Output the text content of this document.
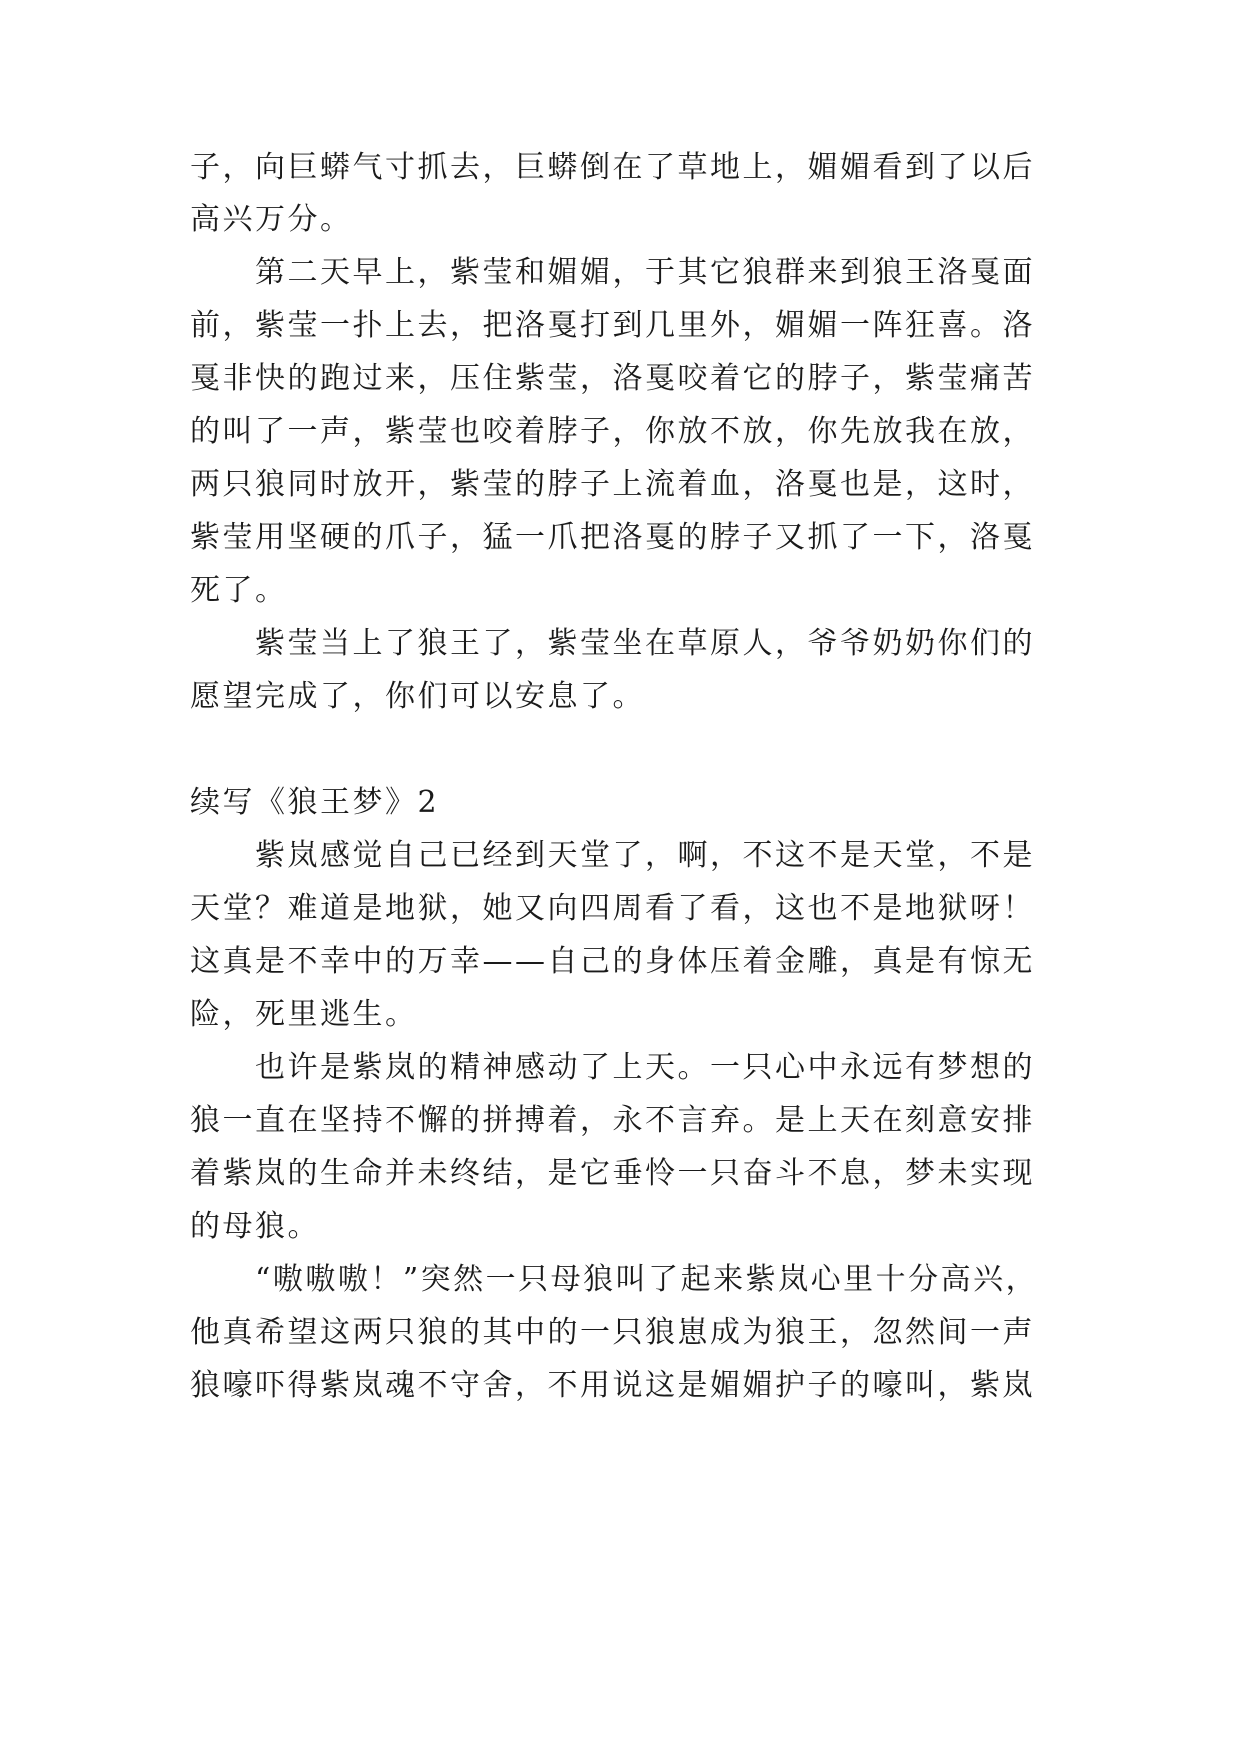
子，向巨蟒气寸抓去，巨蟒倒在了草地上，媚媚看到了以后
高兴万分。
第二天早上，紫莹和媚媚，于其它狼群来到狼王洛戛面
前，紫莹一扑上去，把洛戛打到几里外，媚媚一阵狂喜。洛
戛非快的跑过来，压住紫莹，洛戛咬着它的脖子，紫莹痛苦
的叫了一声，紫莹也咬着脖子，你放不放，你先放我在放，
两只狼同时放开，紫莹的脖子上流着血，洛戛也是，这时，
紫莹用坚硬的爪子，猛一爪把洛戛的脖子又抓了一下，洛戛
死了。
紫莹当上了狼王了，紫莹坐在草原人，爷爷奶奶你们的
愿望完成了，你们可以安息了。
续写《狼王梦》2
紫岚感觉自己已经到天堂了，啊，不这不是天堂，不是
天堂？难道是地狱，她又向四周看了看，这也不是地狱呀！
这真是不幸中的万幸——自己的身体压着金雕，真是有惊无
险，死里逃生。
也许是紫岚的精神感动了上天。一只心中永远有梦想的
狼一直在坚持不懈的拼搏着，永不言弃。是上天在刻意安排
着紫岚的生命并未终结，是它垂怜一只奋斗不息，梦未实现
的母狼。
“嗷嗷嗷！”突然一只母狼叫了起来紫岚心里十分高兴，
他真希望这两只狼的其中的一只狼崽成为狼王，忽然间一声
狼嚎吓得紫岚魂不守舍，不用说这是媚媚护子的嚎叫，紫岚
